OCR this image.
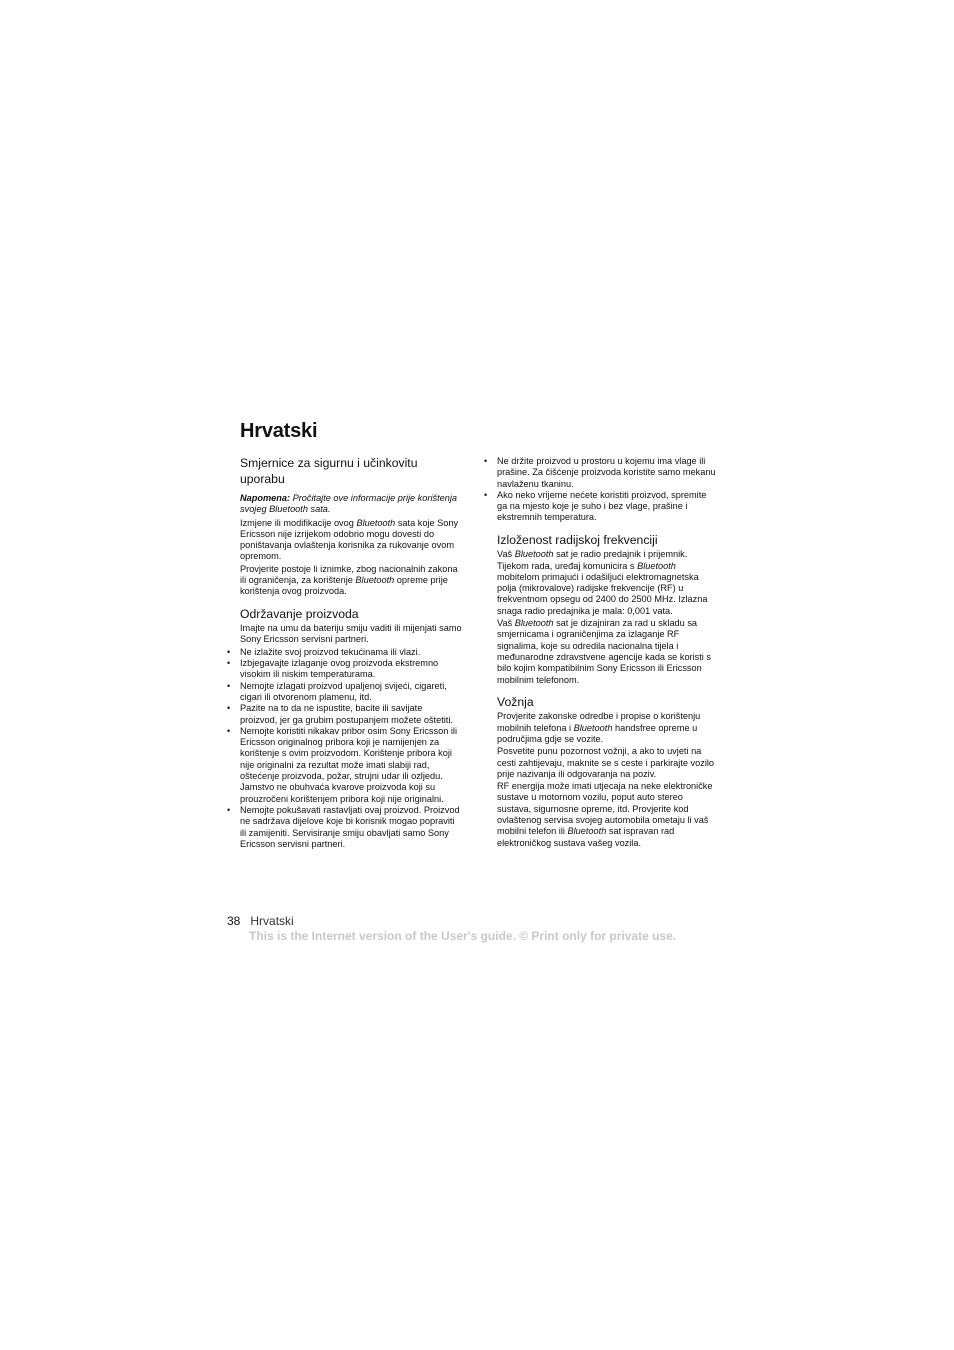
Hrvatski
Smjernice za sigurnu i učinkovitu uporabu

Napomena: Pročitajte ove informacije prije korištenja svojeg Bluetooth sata.

Izmjene ili modifikacije ovog Bluetooth sata koje Sony Ericsson nije izrijekom odobrio mogu dovesti do poništavanja ovlaštenja korisnika za rukovanje ovom opremom.

Provjerite postoje li iznimke, zbog nacionalnih zakona ili ograničenja, za korištenje Bluetooth opreme prije korištenja ovog proizvoda.

Održavanje proizvoda

Imajte na umu da bateriju smiju vaditi ili mijenjati samo Sony Ericsson servisni partneri.

• Ne izlažite svoj proizvod tekućinama ili vlazi.
• Izbjegavajte izlaganje ovog proizvoda ekstremno visokim ili niskim temperaturama.
• Nemojte izlagati proizvod upaljenoj svijeći, cigareti, cigari ili otvorenom plamenu, itd.
• Pazite na to da ne ispustite, bacite ili savijate proizvod, jer ga grubim postupanjem možete oštetiti.
• Nemojte koristiti nikakav pribor osim Sony Ericsson ili Ericsson originalnog pribora koji je namijenjen za korištenje s ovim proizvodom. Korištenje pribora koji nije originalni za rezultat može imati slabiji rad, oštećenje proizvoda, požar, strujni udar ili ozljedu. Jamstvo ne obuhvaća kvarove proizvoda koji su prouzročeni korištenjem pribora koji nije originalni.
• Nemojte pokušavati rastavljati ovaj proizvod. Proizvod ne sadržava dijelove koje bi korisnik mogao popraviti ili zamijeniti. Servisiranje smiju obavljati samo Sony Ericsson servisni partneri.
• Ne držite proizvod u prostoru u kojemu ima vlage ili prašine. Za čišćenje proizvoda koristite samo mekanu navlaženu tkaninu.
• Ako neko vrijeme nećete koristiti proizvod, spremite ga na mjesto koje je suho i bez vlage, prašine i ekstremnih temperatura.
Izloženost radijskoj frekvenciji

Vaš Bluetooth sat je radio predajnik i prijemnik. Tijekom rada, uređaj komunicira s Bluetooth mobitelom primajući i odašiljući elektromagnetska polja (mikrovalove) radijske frekvencije (RF) u frekventnom opsegu od 2400 do 2500 MHz. Izlazna snaga radio predajnika je mala: 0,001 vata.

Vaš Bluetooth sat je dizajniran za rad u skladu sa smjernicama i ograničenjima za izlaganje RF signalima, koje su odredila nacionalna tijela i međunarodne zdravstvene agencije kada se koristi s bilo kojim kompatibilnim Sony Ericsson ili Ericsson mobilnim telefonom.

Vožnja

Provjerite zakonske odredbe i propise o korištenju mobilnih telefona i Bluetooth handsfree opreme u područjima gdje se vozite.

Posvetite punu pozornost vožnji, a ako to uvjeti na cesti zahtijevaju, maknite se s ceste i parkirajte vozilo prije nazivanja ili odgovaranja na poziv.

RF energija može imati utjecaja na neke elektroničke sustave u motornom vozilu, poput auto stereo sustava, sigurnosne opreme, itd. Provjerite kod ovlaštenog servisa svojeg automobila ometaju li vaš mobilni telefon ili Bluetooth sat ispravan rad elektroničkog sustava vašeg vozila.

38 Hrvatski
This is the Internet version of the User's guide. © Print only for private use.
